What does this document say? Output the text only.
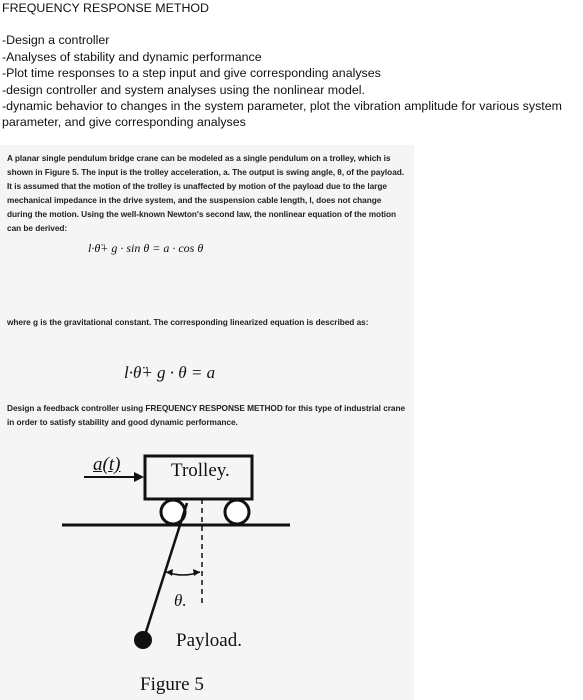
FREQUENCY RESPONSE METHOD
-Design a controller
-Analyses of stability and dynamic performance
-Plot time responses to a step input and give corresponding analyses
-design controller and system analyses using the nonlinear model.
-dynamic behavior to changes in the system parameter, plot the vibration amplitude for various system parameter, and give corresponding analyses
A planar single pendulum bridge crane can be modeled as a single pendulum on a trolley, which is shown in Figure 5. The input is the trolley acceleration, a. The output is swing angle, θ, of the payload. It is assumed that the motion of the trolley is unaffected by motion of the payload due to the large mechanical impedance in the drive system, and the suspension cable length, l, does not change during the motion. Using the well-known Newton's second law, the nonlinear equation of the motion can be derived:
l·θ̈+ g · sin θ = a · cos θ
where g is the gravitational constant. The corresponding linearized equation is described as:
l·θ̈+ g · θ = a
Design a feedback controller using FREQUENCY RESPONSE METHOD for this type of industrial crane in order to satisfy stability and good dynamic performance.
a(t)	Trolley.
θ.
Payload.
Figure 5
